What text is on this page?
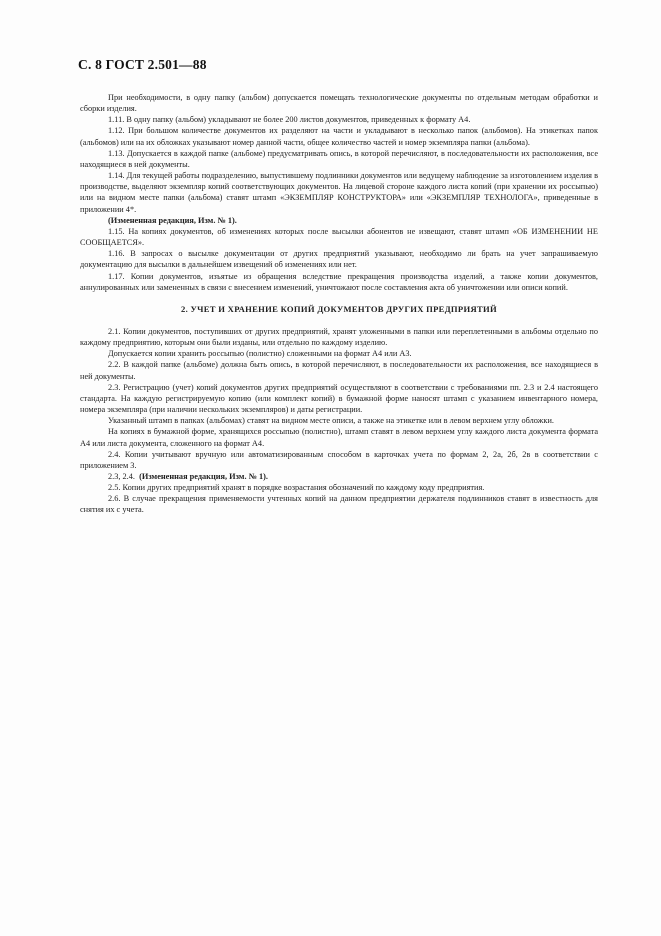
С. 8 ГОСТ 2.501—88

При необходимости, в одну папку (альбом) допускается помещать технологические документы по отдельным методам обработки и сборки изделия.

1.11. В одну папку (альбом) укладывают не более 200 листов документов, приведенных к формату А4.

1.12. При большом количестве документов их разделяют на части и укладывают в несколько папок (альбомов). На этикетках папок (альбомов) или на их обложках указывают номер данной части, общее количество частей и номер экземпляра папки (альбома).

1.13. Допускается в каждой папке (альбоме) предусматривать опись, в которой перечисляют, в последовательности их расположения, все находящиеся в ней документы.

1.14. Для текущей работы подразделению, выпустившему подлинники документов или ведущему наблюдение за изготовлением изделия в производстве, выделяют экземпляр копий соответствующих документов. На лицевой стороне каждого листа копий (при хранении их россыпью) или на видном месте папки (альбома) ставят штамп «ЭКЗЕМПЛЯР КОНСТРУКТОРА» или «ЭКЗЕМПЛЯР ТЕХНОЛОГА», приведенные в приложении 4*.

(Измененная редакция, Изм. № 1).

1.15. На копиях документов, об изменениях которых после высылки абонентов не извещают, ставят штамп «ОБ ИЗМЕНЕНИИ НЕ СООБЩАЕТСЯ».

1.16. В запросах о высылке документации от других предприятий указывают, необходимо ли брать на учет запрашиваемую документацию для высылки в дальнейшем извещений об изменениях или нет.

1.17. Копии документов, изъятые из обращения вследствие прекращения производства изделий, а также копии документов, аннулированных или замененных в связи с внесением изменений, уничтожают после составления акта об уничтожении или описи копий.

2. УЧЕТ И ХРАНЕНИЕ КОПИЙ ДОКУМЕНТОВ ДРУГИХ ПРЕДПРИЯТИЙ

2.1. Копии документов, поступивших от других предприятий, хранят уложенными в папки или переплетенными в альбомы отдельно по каждому предприятию, которым они были изданы, или отдельно по каждому изделию.

Допускается копии хранить россыпью (полистно) сложенными на формат А4 или А3.

2.2. В каждой папке (альбоме) должна быть опись, в которой перечисляют, в последовательности их расположения, все находящиеся в ней документы.

2.3. Регистрацию (учет) копий документов других предприятий осуществляют в соответствии с требованиями пп. 2.3 и 2.4 настоящего стандарта. На каждую регистрируемую копию (или комплект копий) в бумажной форме наносят штамп с указанием инвентарного номера, номера экземпляра (при наличии нескольких экземпляров) и даты регистрации.

Указанный штамп в папках (альбомах) ставят на видном месте описи, а также на этикетке или в левом верхнем углу обложки.

На копиях в бумажной форме, хранящихся россыпью (полистно), штамп ставят в левом верхнем углу каждого листа документа формата А4 или листа документа, сложенного на формат А4.

2.4. Копии учитывают вручную или автоматизированным способом в карточках учета по формам 2, 2а, 2б, 2в в соответствии с приложением 3.

2.3, 2.4. (Измененная редакция, Изм. № 1).

2.5. Копии других предприятий хранят в порядке возрастания обозначений по каждому коду предприятия.

2.6. В случае прекращения применяемости учтенных копий на данном предприятии держателя подлинников ставят в известность для снятия их с учета.
